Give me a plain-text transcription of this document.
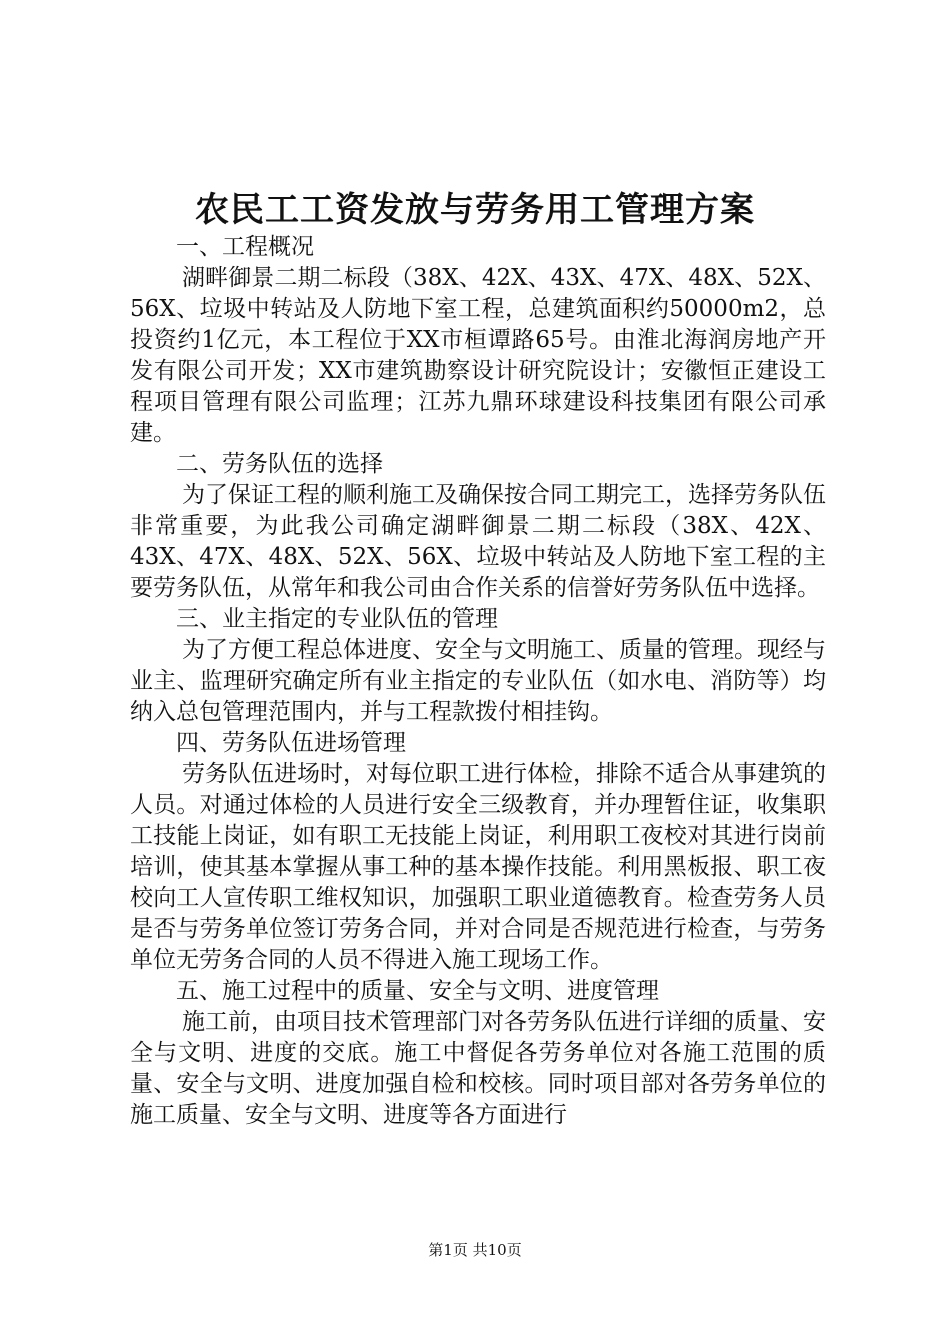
农民工工资发放与劳务用工管理方案

一、工程概况

湖畔御景二期二标段（38X、42X、43X、47X、48X、52X、56X、垃圾中转站及人防地下室工程，总建筑面积约50000m2，总投资约1亿元，本工程位于XX市桓谭路65号。由淮北海润房地产开发有限公司开发；XX市建筑勘察设计研究院设计；安徽恒正建设工程项目管理有限公司监理；江苏九鼎环球建设科技集团有限公司承建。

二、劳务队伍的选择

为了保证工程的顺利施工及确保按合同工期完工，选择劳务队伍非常重要，为此我公司确定湖畔御景二期二标段（38X、42X、43X、47X、48X、52X、56X、垃圾中转站及人防地下室工程的主要劳务队伍，从常年和我公司由合作关系的信誉好劳务队伍中选择。

三、业主指定的专业队伍的管理

为了方便工程总体进度、安全与文明施工、质量的管理。现经与业主、监理研究确定所有业主指定的专业队伍（如水电、消防等）均纳入总包管理范围内，并与工程款拨付相挂钩。

四、劳务队伍进场管理

劳务队伍进场时，对每位职工进行体检，排除不适合从事建筑的人员。对通过体检的人员进行安全三级教育，并办理暂住证，收集职工技能上岗证，如有职工无技能上岗证，利用职工夜校对其进行岗前培训，使其基本掌握从事工种的基本操作技能。利用黑板报、职工夜校向工人宣传职工维权知识，加强职工职业道德教育。检查劳务人员是否与劳务单位签订劳务合同，并对合同是否规范进行检查，与劳务单位无劳务合同的人员不得进入施工现场工作。

五、施工过程中的质量、安全与文明、进度管理

施工前，由项目技术管理部门对各劳务队伍进行详细的质量、安全与文明、进度的交底。施工中督促各劳务单位对各施工范围的质量、安全与文明、进度加强自检和校核。同时项目部对各劳务单位的施工质量、安全与文明、进度等各方面进行

第1页 共10页
